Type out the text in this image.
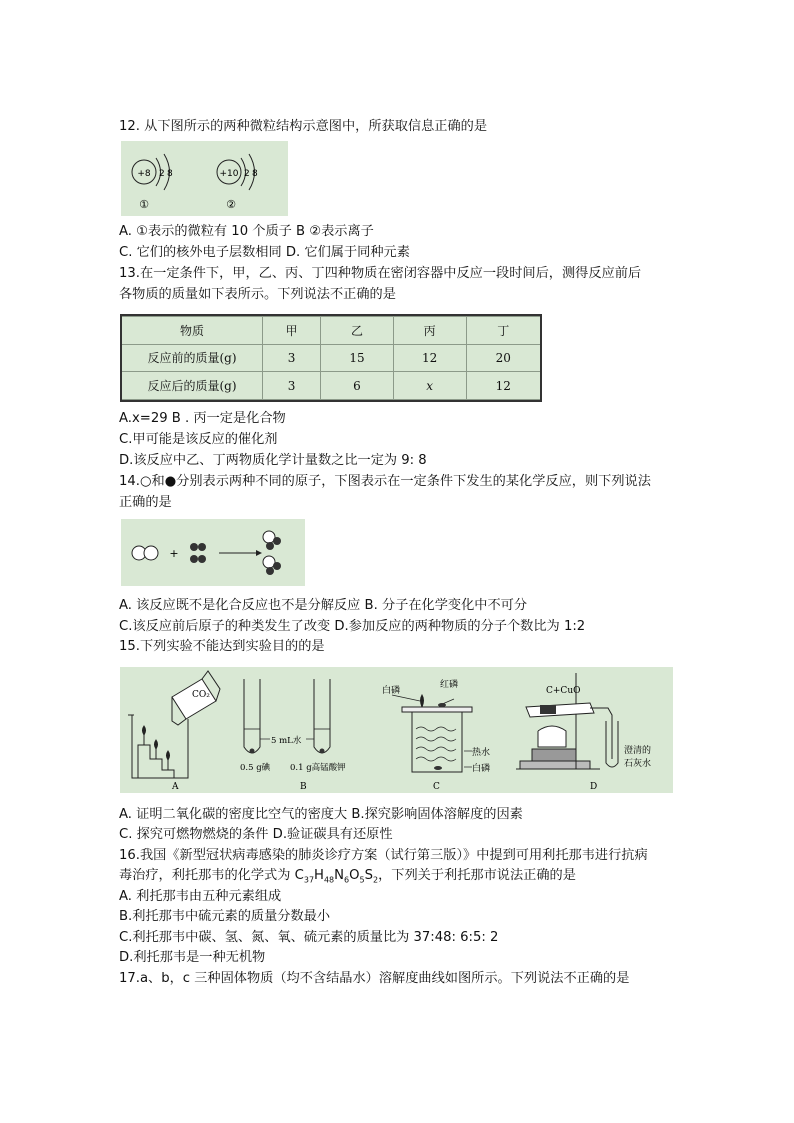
12. 从下图所示的两种微粒结构示意图中，所获取信息正确的是
+8 2 8
①
+10 2 8
②
A. ①表示的微粒有 10 个质子 B ②表示离子
C. 它们的核外电子层数相同 D. 它们属于同种元素
13.在一定条件下，甲，乙、丙、丁四种物质在密闭容器中反应一段时间后，测得反应前后
各物质的质量如下表所示。下列说法不正确的是
物质	甲	乙	丙	丁
反应前的质量(g)	3	15	12	20
反应后的质量(g)	3	6	x	12
A.x=29 B . 丙一定是化合物
C.甲可能是该反应的催化剂
D.该反应中乙、丁两物质化学计量数之比一定为 9: 8
14.○和●分别表示两种不同的原子，下图表示在一定条件下发生的某化学反应，则下列说法
正确的是
+
A. 该反应既不是化合反应也不是分解反应 B. 分子在化学变化中不可分
C.该反应前后原子的种类发生了改变 D.参加反应的两种物质的分子个数比为 1:2
15.下列实验不能达到实验目的的是
CO₂
A
5 mL水
0.5 g碘 0.1 g高锰酸钾
B
红磷
白磷
热水
白磷
C
C+CuO
澄清的
石灰水
D
A. 证明二氧化碳的密度比空气的密度大 B.探究影响固体溶解度的因素
C. 探究可燃物燃烧的条件 D.验证碳具有还原性
16.我国《新型冠状病毒感染的肺炎诊疗方案（试行第三版）》中提到可用利托那韦进行抗病
毒治疗，利托那韦的化学式为 $C_{37}H_{48}N_6O_5S_2$，下列关于利托那市说法正确的是
A. 利托那韦由五种元素组成
B.利托那韦中硫元素的质量分数最小
C.利托那韦中碳、氢、氮、氧、硫元素的质量比为 37:48: 6:5: 2
D.利托那韦是一种无机物
17.a、b，c 三种固体物质（均不含结晶水）溶解度曲线如图所示。下列说法不正确的是
